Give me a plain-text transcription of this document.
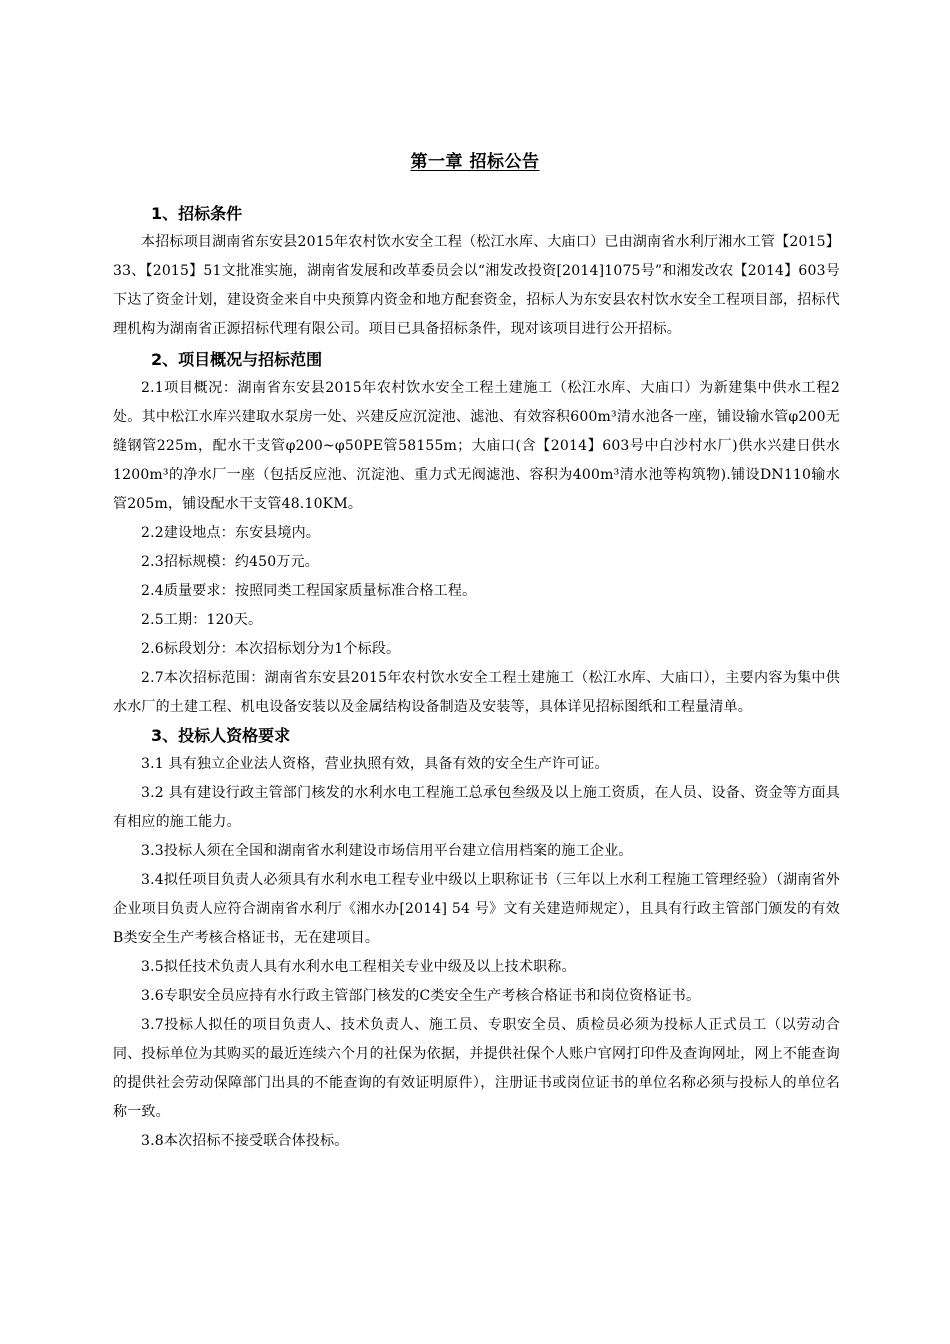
第一章 招标公告
1、招标条件

本招标项目湖南省东安县2015年农村饮水安全工程（松江水库、大庙口）已由湖南省水利厅湘水工管【2015】33、【2015】51文批准实施，湖南省发展和改革委员会以“湘发改投资[2014]1075号”和湘发改农【2014】603号下达了资金计划，建设资金来自中央预算内资金和地方配套资金，招标人为东安县农村饮水安全工程项目部，招标代理机构为湖南省正源招标代理有限公司。项目已具备招标条件，现对该项目进行公开招标。

2、项目概况与招标范围

2.1项目概况：湖南省东安县2015年农村饮水安全工程土建施工（松江水库、大庙口）为新建集中供水工程2处。其中松江水库兴建取水泵房一处、兴建反应沉淀池、滤池、有效容积600m³清水池各一座，铺设输水管φ200无缝钢管225m，配水干支管φ200~φ50PE管58155m；大庙口(含【2014】603号中白沙村水厂)供水兴建日供水1200m³的净水厂一座（包括反应池、沉淀池、重力式无阀滤池、容积为400m³清水池等构筑物).铺设DN110输水管205m，铺设配水干支管48.10KM。

2.2建设地点：东安县境内。

2.3招标规模：约450万元。

2.4质量要求：按照同类工程国家质量标准合格工程。

2.5工期：120天。

2.6标段划分：本次招标划分为1个标段。

2.7本次招标范围：湖南省东安县2015年农村饮水安全工程土建施工（松江水库、大庙口），主要内容为集中供水水厂的土建工程、机电设备安装以及金属结构设备制造及安装等，具体详见招标图纸和工程量清单。

3、投标人资格要求

3.1 具有独立企业法人资格，营业执照有效，具备有效的安全生产许可证。

3.2 具有建设行政主管部门核发的水利水电工程施工总承包叁级及以上施工资质，在人员、设备、资金等方面具有相应的施工能力。

3.3投标人须在全国和湖南省水利建设市场信用平台建立信用档案的施工企业。

3.4拟任项目负责人必须具有水利水电工程专业中级以上职称证书（三年以上水利工程施工管理经验）（湖南省外企业项目负责人应符合湖南省水利厅《湘水办[2014] 54 号》文有关建造师规定），且具有行政主管部门颁发的有效B类安全生产考核合格证书，无在建项目。

3.5拟任技术负责人具有水利水电工程相关专业中级及以上技术职称。

3.6专职安全员应持有水行政主管部门核发的C类安全生产考核合格证书和岗位资格证书。

3.7投标人拟任的项目负责人、技术负责人、施工员、专职安全员、质检员必须为投标人正式员工（以劳动合同、投标单位为其购买的最近连续六个月的社保为依据，并提供社保个人账户官网打印件及查询网址，网上不能查询的提供社会劳动保障部门出具的不能查询的有效证明原件），注册证书或岗位证书的单位名称必须与投标人的单位名称一致。

3.8本次招标不接受联合体投标。
